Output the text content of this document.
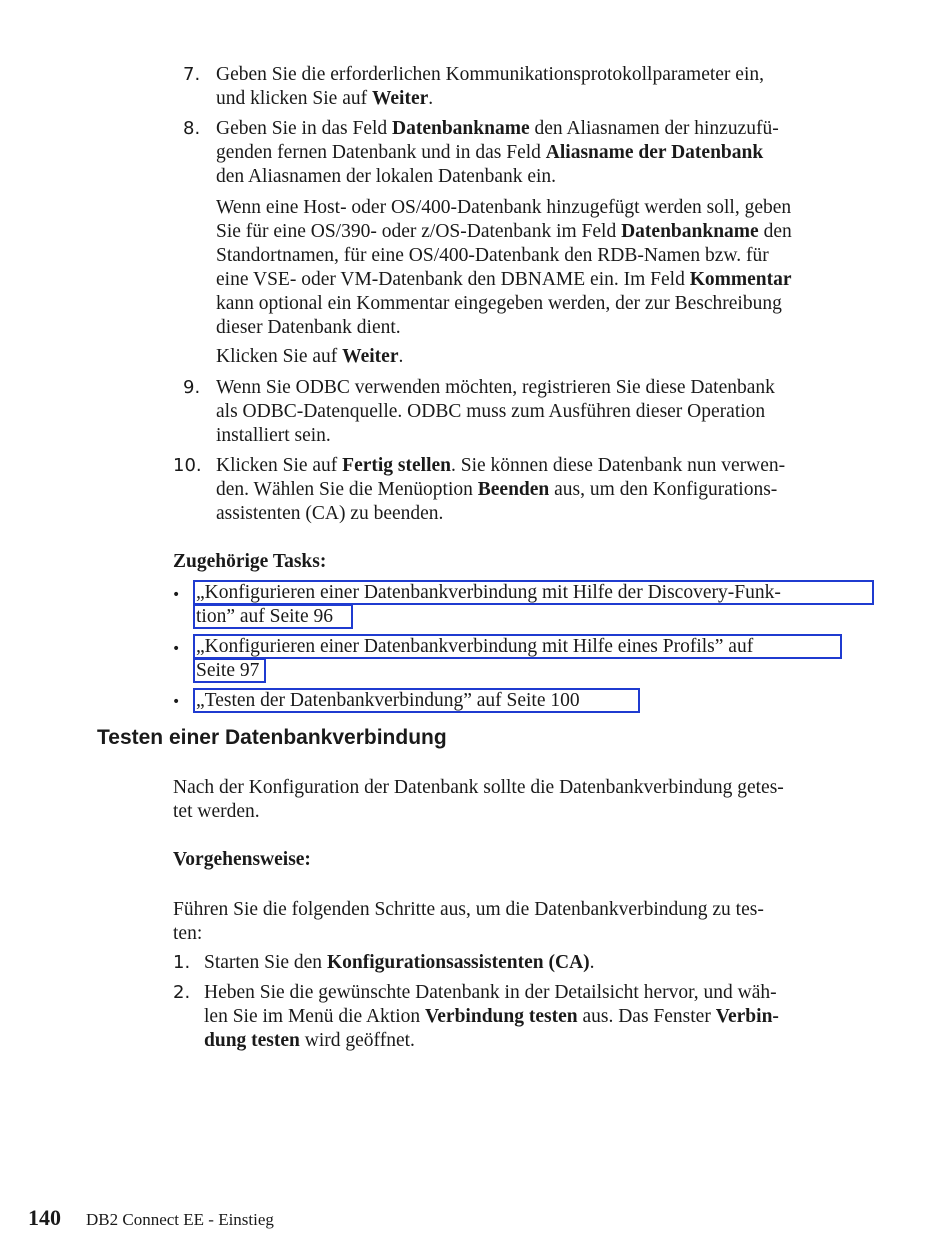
7. Geben Sie die erforderlichen Kommunikationsprotokollparameter ein,
und klicken Sie auf Weiter.
8. Geben Sie in das Feld Datenbankname den Aliasnamen der hinzuzufü-
genden fernen Datenbank und in das Feld Aliasname der Datenbank
den Aliasnamen der lokalen Datenbank ein.
Wenn eine Host- oder OS/400-Datenbank hinzugefügt werden soll, geben
Sie für eine OS/390- oder z/OS-Datenbank im Feld Datenbankname den
Standortnamen, für eine OS/400-Datenbank den RDB-Namen bzw. für
eine VSE- oder VM-Datenbank den DBNAME ein. Im Feld Kommentar
kann optional ein Kommentar eingegeben werden, der zur Beschreibung
dieser Datenbank dient.
Klicken Sie auf Weiter.
9. Wenn Sie ODBC verwenden möchten, registrieren Sie diese Datenbank
als ODBC-Datenquelle. ODBC muss zum Ausführen dieser Operation
installiert sein.
10. Klicken Sie auf Fertig stellen. Sie können diese Datenbank nun verwen-
den. Wählen Sie die Menüoption Beenden aus, um den Konfigurations-
assistenten (CA) zu beenden.
Zugehörige Tasks:
• „Konfigurieren einer Datenbankverbindung mit Hilfe der Discovery-Funk-
tion” auf Seite 96
• „Konfigurieren einer Datenbankverbindung mit Hilfe eines Profils” auf
Seite 97
• „Testen der Datenbankverbindung” auf Seite 100
Testen einer Datenbankverbindung
Nach der Konfiguration der Datenbank sollte die Datenbankverbindung getes-
tet werden.
Vorgehensweise:
Führen Sie die folgenden Schritte aus, um die Datenbankverbindung zu tes-
ten:
1. Starten Sie den Konfigurationsassistenten (CA).
2. Heben Sie die gewünschte Datenbank in der Detailsicht hervor, und wäh-
len Sie im Menü die Aktion Verbindung testen aus. Das Fenster Verbin-
dung testen wird geöffnet.
140 DB2 Connect EE - Einstieg
